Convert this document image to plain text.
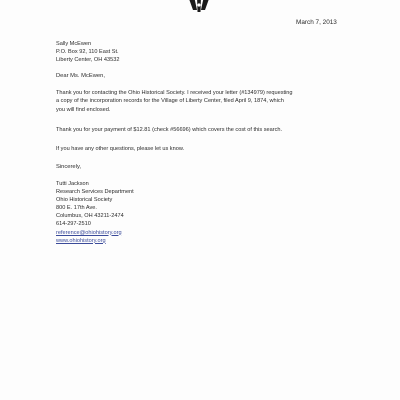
March 7, 2013
Sally McEwen
P.O. Box 92, 110 East St.
Liberty Center, OH 43532
Dear Ms. McEwen,
Thank you for contacting the Ohio Historical Society. I received your letter (#134979) requesting
a copy of the incorporation records for the Village of Liberty Center, filed April 9, 1874, which
you will find enclosed.
Thank you for your payment of $12.81 (check #56696) which covers the cost of this search.
If you have any other questions, please let us know.
Sincerely,
Tutti Jackson
Research Services Department
Ohio Historical Society
800 E. 17th Ave.
Columbus, OH 43211-2474
614-297-2510
reference@ohiohistory.org
www.ohiohistory.org
